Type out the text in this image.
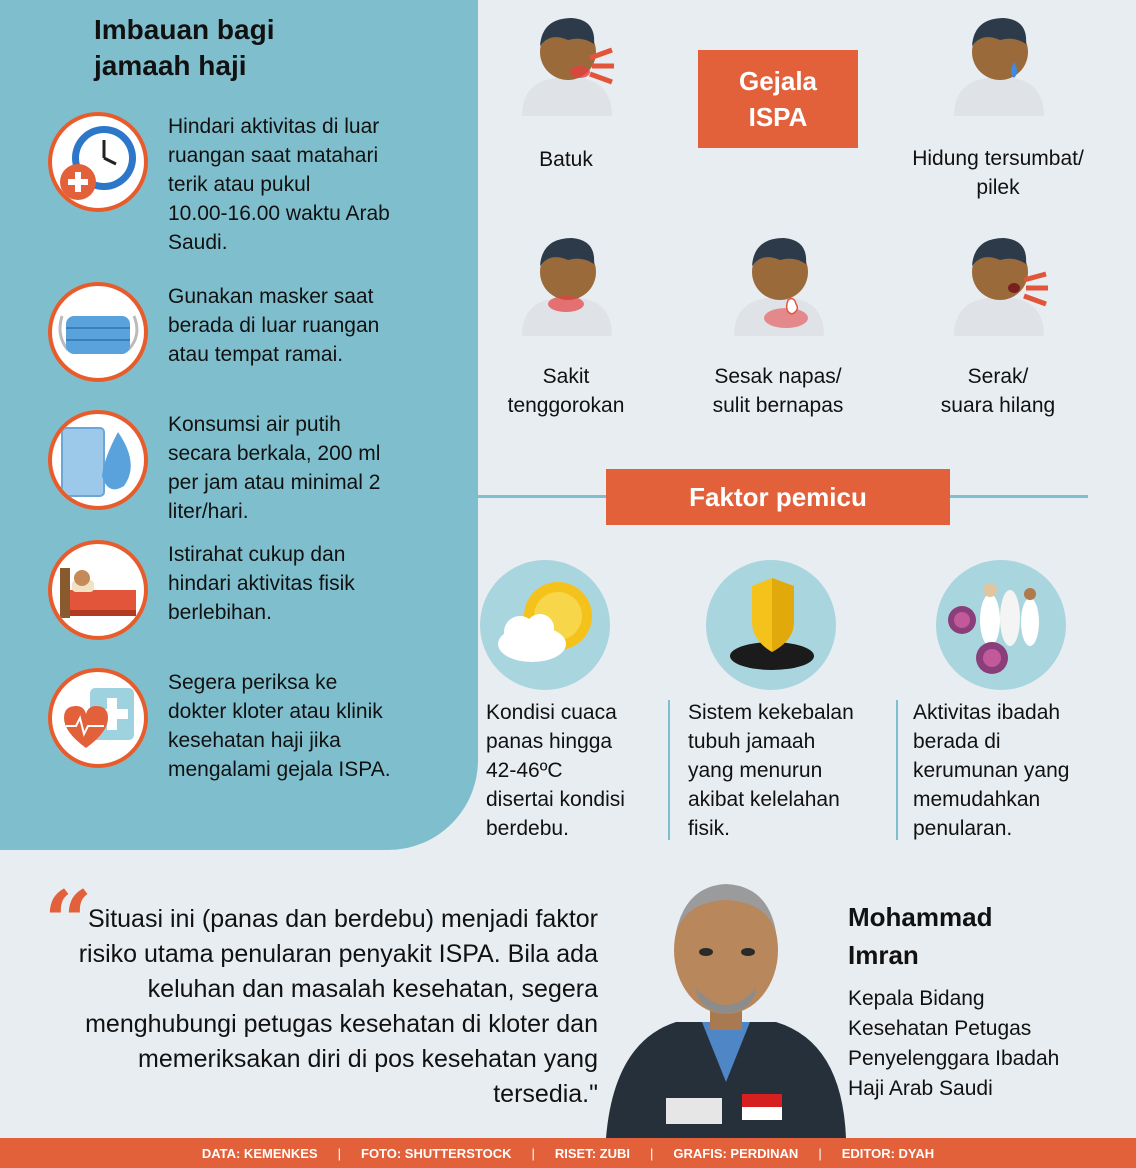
Imbauan bagi
jamaah haji
Hindari aktivitas di luar
ruangan saat matahari
terik atau pukul
10.00-16.00 waktu Arab
Saudi.
Gunakan masker saat
berada di luar ruangan
atau tempat ramai.
Konsumsi air putih
secara berkala, 200 ml
per jam atau minimal 2
liter/hari.
Istirahat cukup dan
hindari aktivitas fisik
berlebihan.
Segera periksa ke
dokter kloter atau klinik
kesehatan haji jika
mengalami gejala ISPA.
Gejala
ISPA
Batuk	Hidung tersumbat/
pilek
Sakit
tenggorokan
Sesak napas/
sulit bernapas
Serak/
suara hilang
Faktor pemicu
Kondisi cuaca
panas hingga
42-46ºC
disertai kondisi
berdebu.
Sistem kekebalan
tubuh jamaah
yang menurun
akibat kelelahan
fisik.
Aktivitas ibadah
berada di
kerumunan yang
memudahkan
penularan.
“
Situasi ini (panas dan berdebu) menjadi faktor risiko utama penularan penyakit ISPA. Bila ada keluhan dan masalah kesehatan, segera menghubungi petugas kesehatan di kloter dan memeriksakan diri di pos kesehatan yang tersedia."
Mohammad
Imran
Kepala Bidang
Kesehatan Petugas
Penyelenggara Ibadah
Haji Arab Saudi
DATA: KEMENKES | FOTO: SHUTTERSTOCK | RISET: ZUBI | GRAFIS: PERDINAN | EDITOR: DYAH
